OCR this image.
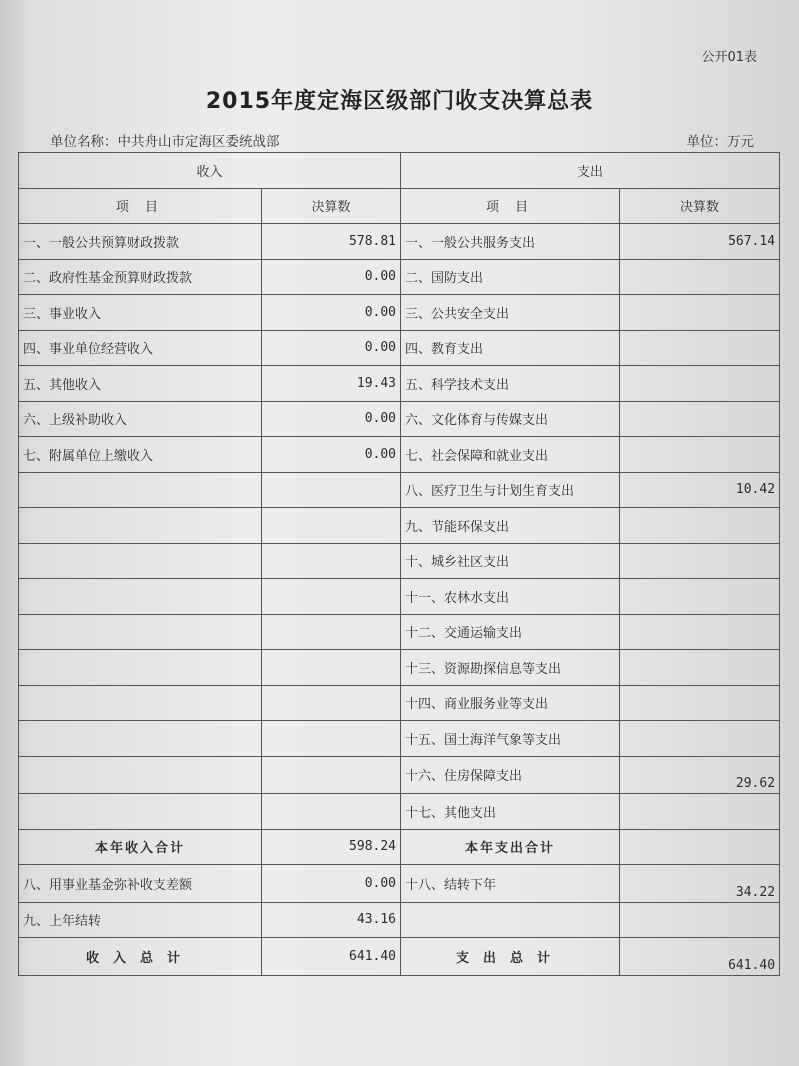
公开01表
2015年度定海区级部门收支决算总表
单位名称：中共舟山市定海区委统战部	单位：万元
收入		支出	
项 目	决算数	项 目	决算数
一、一般公共预算财政拨款	578.81	一、一般公共服务支出	567.14
二、政府性基金预算财政拨款	0.00	二、国防支出	
三、事业收入	0.00	三、公共安全支出	
四、事业单位经营收入	0.00	四、教育支出	
五、其他收入	19.43	五、科学技术支出	
六、上级补助收入	0.00	六、文化体育与传媒支出	
七、附属单位上缴收入	0.00	七、社会保障和就业支出	
		八、医疗卫生与计划生育支出	10.42
		九、节能环保支出	
		十、城乡社区支出	
		十一、农林水支出	
		十二、交通运输支出	
		十三、资源勘探信息等支出	
		十四、商业服务业等支出	
		十五、国土海洋气象等支出	
		十六、住房保障支出	29.62
		十七、其他支出	
本年收入合计	598.24	本年支出合计	
八、用事业基金弥补收支差额	0.00	十八、结转下年	34.22
九、上年结转	43.16		
收入总计	641.40	支出总计	641.40
